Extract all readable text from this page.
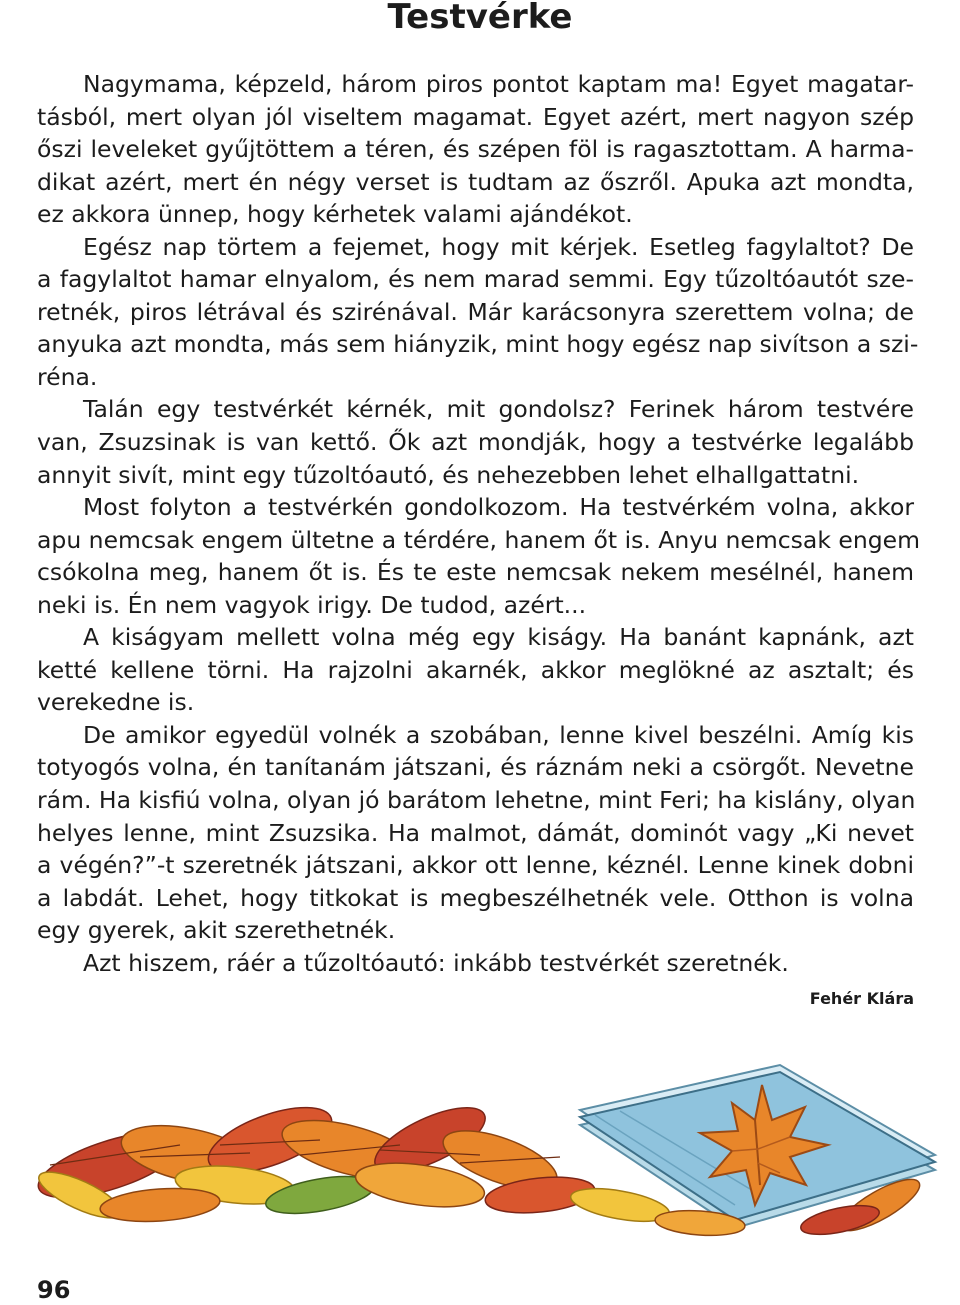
Testvérke
Nagymama, képzeld, három piros pontot kaptam ma! Egyet magatar-
tásból, mert olyan jól viseltem magamat. Egyet azért, mert nagyon szép
őszi leveleket gyűjtöttem a téren, és szépen föl is ragasztottam. A harma-
dikat azért, mert én négy verset is tudtam az őszről. Apuka azt mondta,
ez akkora ünnep, hogy kérhetek valami ajándékot.
Egész nap törtem a fejemet, hogy mit kérjek. Esetleg fagylaltot? De
a fagylaltot hamar elnyalom, és nem marad semmi. Egy tűzoltóautót sze-
retnék, piros létrával és szirénával. Már karácsonyra szerettem volna; de
anyuka azt mondta, más sem hiányzik, mint hogy egész nap sivítson a szi-
réna.
Talán egy testvérkét kérnék, mit gondolsz? Ferinek három testvére
van, Zsuzsinak is van kettő. Ők azt mondják, hogy a testvérke legalább
annyit sivít, mint egy tűzoltóautó, és nehezebben lehet elhallgattatni.
Most folyton a testvérkén gondolkozom. Ha testvérkém volna, akkor
apu nemcsak engem ültetne a térdére, hanem őt is. Anyu nemcsak engem
csókolna meg, hanem őt is. És te este nemcsak nekem mesélnél, hanem
neki is. Én nem vagyok irigy. De tudod, azért...
A kiságyam mellett volna még egy kiságy. Ha banánt kapnánk, azt
ketté kellene törni. Ha rajzolni akarnék, akkor meglökné az asztalt; és
verekedne is.
De amikor egyedül volnék a szobában, lenne kivel beszélni. Amíg kis
totyogós volna, én tanítanám játszani, és ráznám neki a csörgőt. Nevetne
rám. Ha kisfiú volna, olyan jó barátom lehetne, mint Feri; ha kislány, olyan
helyes lenne, mint Zsuzsika. Ha malmot, dámát, dominót vagy „Ki nevet
a végén?”-t szeretnék játszani, akkor ott lenne, kéznél. Lenne kinek dobni
a labdát. Lehet, hogy titkokat is megbeszélhetnék vele. Otthon is volna
egy gyerek, akit szerethetnék.
Azt hiszem, ráér a tűzoltóautó: inkább testvérkét szeretnék.
Fehér Klára
96
